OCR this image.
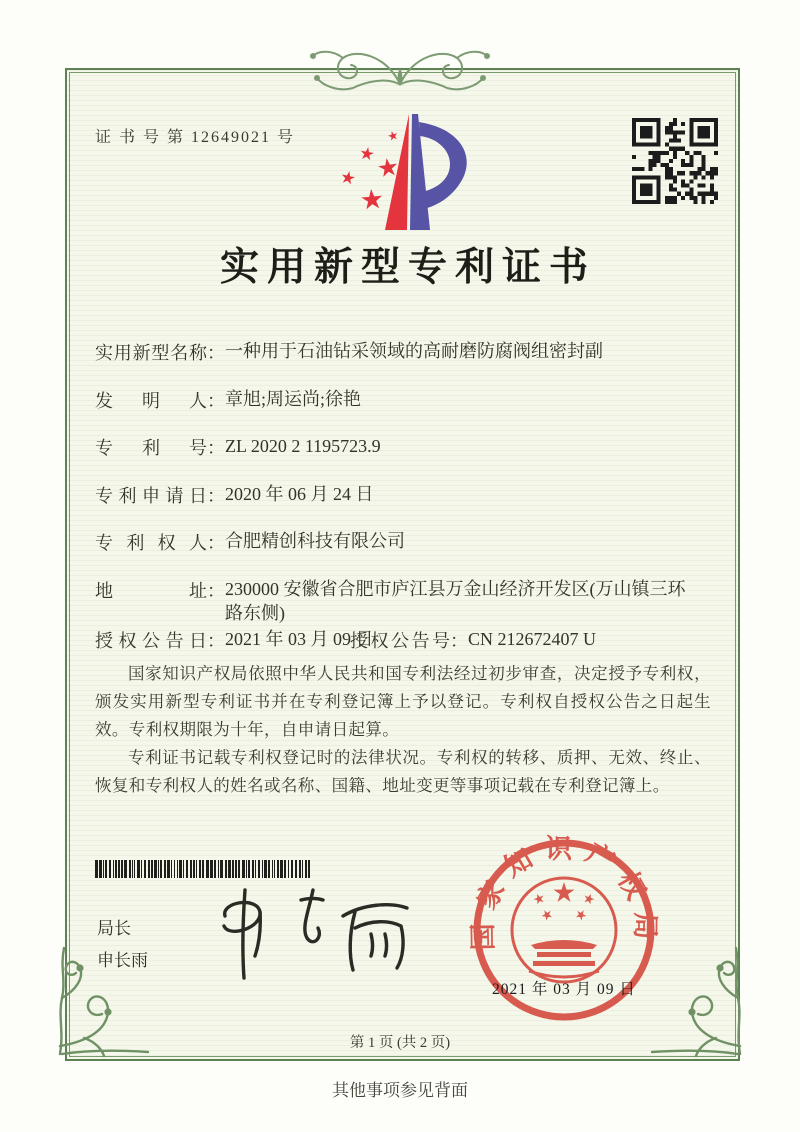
证 书 号 第 12649021 号
实用新型专利证书
实用新型名称 ： 一种用于石油钻采领域的高耐磨防腐阀组密封副
发明人 ： 章旭;周运尚;徐艳
专利号 ： ZL 2020 2 1195723.9
专利申请日 ： 2020 年 06 月 24 日
专利权人 ： 合肥精创科技有限公司
地址 ： 230000 安徽省合肥市庐江县万金山经济开发区(万山镇三环路东侧)
授权公告日 ： 2021 年 03 月 09 日
授权公告号 ： CN 212672407 U

国家知识产权局依照中华人民共和国专利法经过初步审查，决定授予专利权，颁发实用新型专利证书并在专利登记簿上予以登记。专利权自授权公告之日起生效。专利权期限为十年，自申请日起算。

专利证书记载专利权登记时的法律状况。专利权的转移、质押、无效、终止、恢复和专利权人的姓名或名称、国籍、地址变更等事项记载在专利登记簿上。

局长
申长雨
国家知识产权局
2021 年 03 月 09 日
第 1 页 (共 2 页)
其他事项参见背面
